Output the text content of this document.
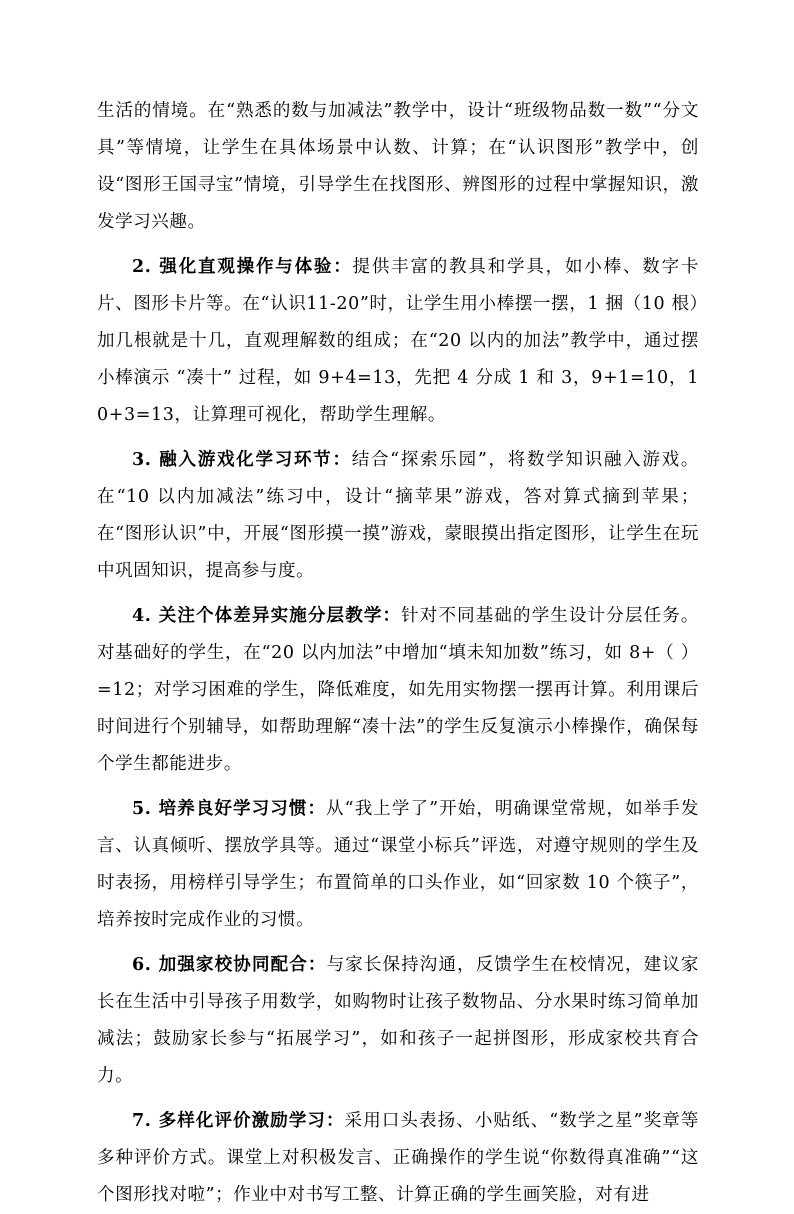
生活的情境。在“熟悉的数与加减法”教学中，设计“班级物品数一数”“分文具”等情境，让学生在具体场景中认数、计算；在“认识图形”教学中，创设“图形王国寻宝”情境，引导学生在找图形、辨图形的过程中掌握知识，激发学习兴趣。

2. 强化直观操作与体验：提供丰富的教具和学具，如小棒、数字卡片、图形卡片等。在“认识11-20”时，让学生用小棒摆一摆，1 捆（10 根）加几根就是十几，直观理解数的组成；在“20 以内的加法”教学中，通过摆小棒演示 “凑十” 过程，如 9+4=13，先把 4 分成 1 和 3，9+1=10，10+3=13，让算理可视化，帮助学生理解。

3. 融入游戏化学习环节：结合“探索乐园”，将数学知识融入游戏。在“10 以内加减法”练习中，设计“摘苹果”游戏，答对算式摘到苹果；在“图形认识”中，开展“图形摸一摸”游戏，蒙眼摸出指定图形，让学生在玩中巩固知识，提高参与度。

4. 关注个体差异实施分层教学：针对不同基础的学生设计分层任务。对基础好的学生，在“20 以内加法”中增加“填未知加数”练习，如 8+（ ）=12；对学习困难的学生，降低难度，如先用实物摆一摆再计算。利用课后时间进行个别辅导，如帮助理解“凑十法”的学生反复演示小棒操作，确保每个学生都能进步。

5. 培养良好学习习惯：从“我上学了”开始，明确课堂常规，如举手发言、认真倾听、摆放学具等。通过“课堂小标兵”评选，对遵守规则的学生及时表扬，用榜样引导学生；布置简单的口头作业，如“回家数 10 个筷子”，培养按时完成作业的习惯。

6. 加强家校协同配合：与家长保持沟通，反馈学生在校情况，建议家长在生活中引导孩子用数学，如购物时让孩子数物品、分水果时练习简单加减法；鼓励家长参与“拓展学习”，如和孩子一起拼图形，形成家校共育合力。

7. 多样化评价激励学习：采用口头表扬、小贴纸、“数学之星”奖章等多种评价方式。课堂上对积极发言、正确操作的学生说“你数得真准确”“这个图形找对啦”；作业中对书写工整、计算正确的学生画笑脸，对有进
